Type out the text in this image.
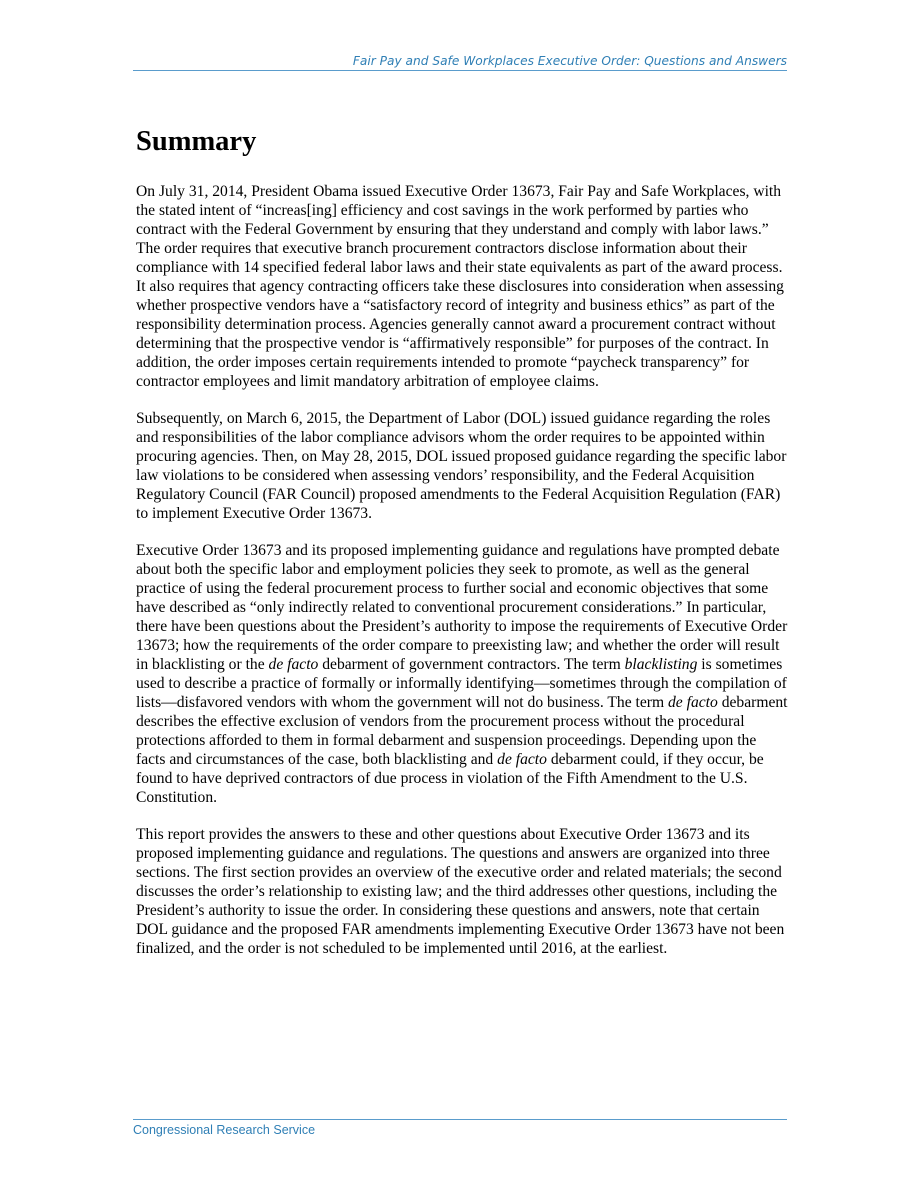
Fair Pay and Safe Workplaces Executive Order: Questions and Answers
Summary

On July 31, 2014, President Obama issued Executive Order 13673, Fair Pay and Safe Workplaces, with the stated intent of “increas[ing] efficiency and cost savings in the work performed by parties who contract with the Federal Government by ensuring that they understand and comply with labor laws.” The order requires that executive branch procurement contractors disclose information about their compliance with 14 specified federal labor laws and their state equivalents as part of the award process. It also requires that agency contracting officers take these disclosures into consideration when assessing whether prospective vendors have a “satisfactory record of integrity and business ethics” as part of the responsibility determination process. Agencies generally cannot award a procurement contract without determining that the prospective vendor is “affirmatively responsible” for purposes of the contract. In addition, the order imposes certain requirements intended to promote “paycheck transparency” for contractor employees and limit mandatory arbitration of employee claims.

Subsequently, on March 6, 2015, the Department of Labor (DOL) issued guidance regarding the roles and responsibilities of the labor compliance advisors whom the order requires to be appointed within procuring agencies. Then, on May 28, 2015, DOL issued proposed guidance regarding the specific labor law violations to be considered when assessing vendors’ responsibility, and the Federal Acquisition Regulatory Council (FAR Council) proposed amendments to the Federal Acquisition Regulation (FAR) to implement Executive Order 13673.

Executive Order 13673 and its proposed implementing guidance and regulations have prompted debate about both the specific labor and employment policies they seek to promote, as well as the general practice of using the federal procurement process to further social and economic objectives that some have described as “only indirectly related to conventional procurement considerations.” In particular, there have been questions about the President’s authority to impose the requirements of Executive Order 13673; how the requirements of the order compare to preexisting law; and whether the order will result in blacklisting or the de facto debarment of government contractors. The term blacklisting is sometimes used to describe a practice of formally or informally identifying—sometimes through the compilation of lists—disfavored vendors with whom the government will not do business. The term de facto debarment describes the effective exclusion of vendors from the procurement process without the procedural protections afforded to them in formal debarment and suspension proceedings. Depending upon the facts and circumstances of the case, both blacklisting and de facto debarment could, if they occur, be found to have deprived contractors of due process in violation of the Fifth Amendment to the U.S. Constitution.

This report provides the answers to these and other questions about Executive Order 13673 and its proposed implementing guidance and regulations. The questions and answers are organized into three sections. The first section provides an overview of the executive order and related materials; the second discusses the order’s relationship to existing law; and the third addresses other questions, including the President’s authority to issue the order. In considering these questions and answers, note that certain DOL guidance and the proposed FAR amendments implementing Executive Order 13673 have not been finalized, and the order is not scheduled to be implemented until 2016, at the earliest.

Congressional Research Service
